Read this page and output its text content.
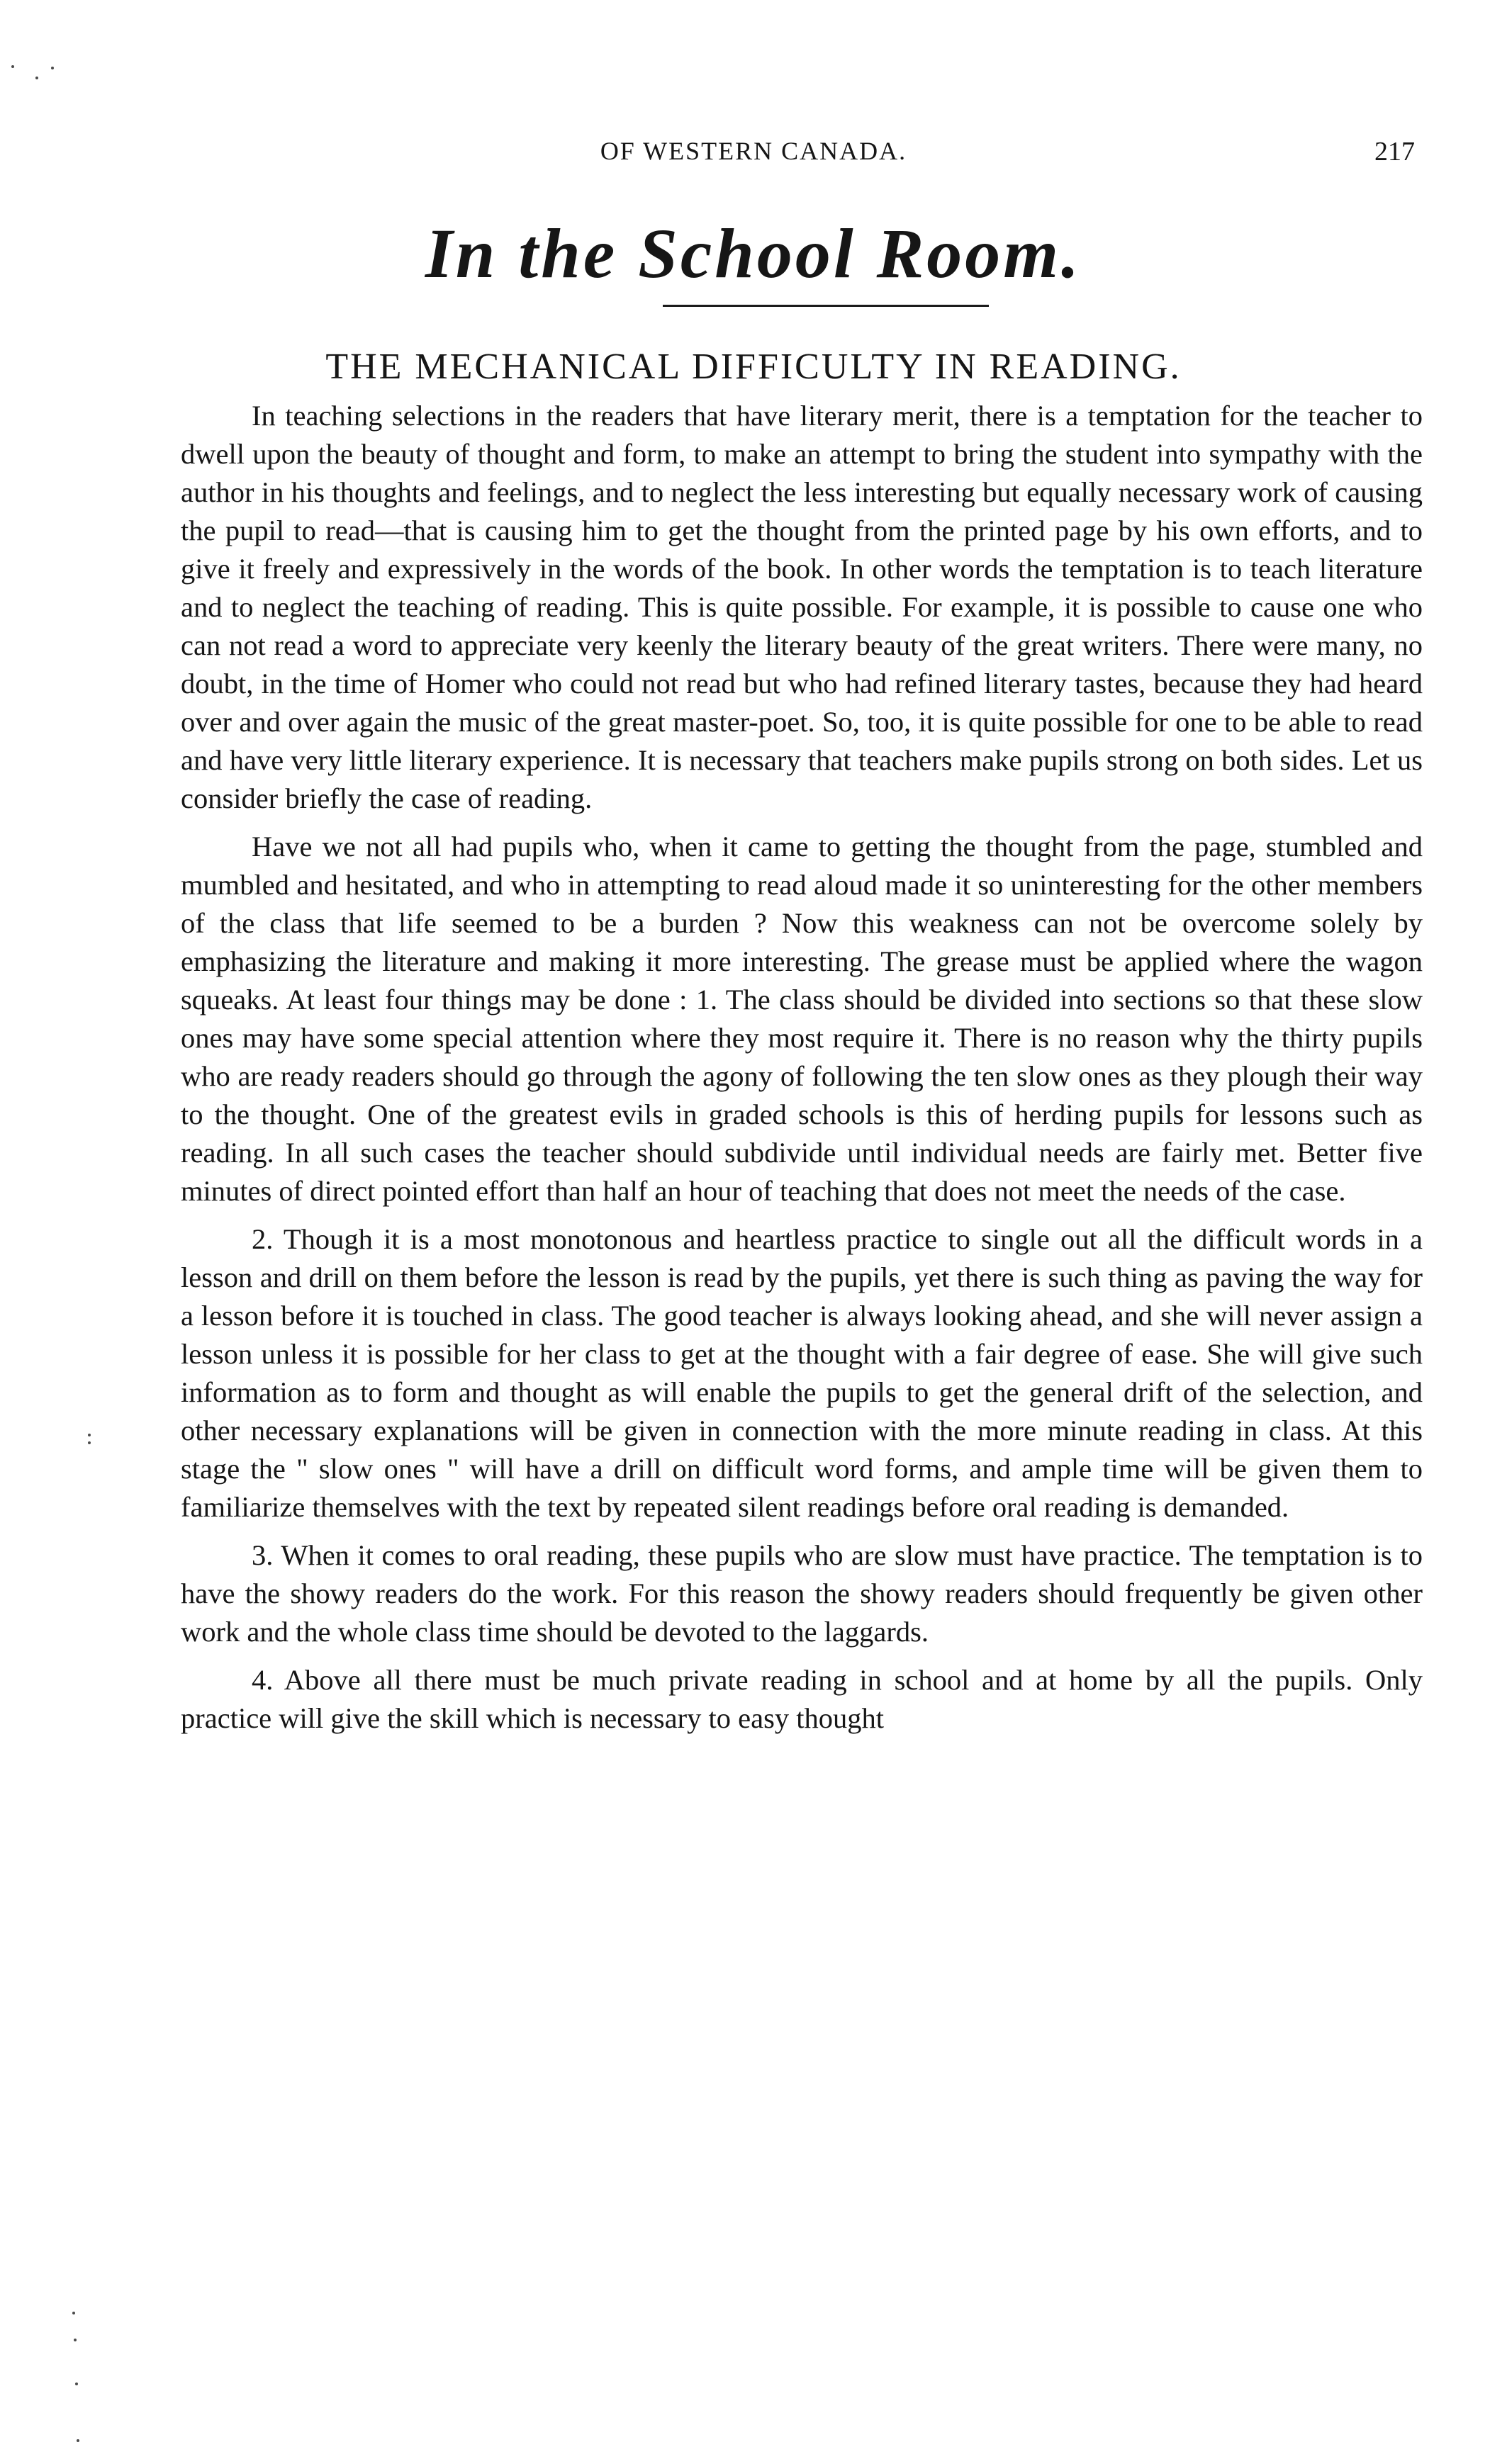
OF WESTERN CANADA.	217
In the School Room.
THE MECHANICAL DIFFICULTY IN READING.

In teaching selections in the readers that have literary merit, there is a temptation for the teacher to dwell upon the beauty of thought and form, to make an attempt to bring the student into sympathy with the author in his thoughts and feelings, and to neglect the less interesting but equally necessary work of causing the pupil to read—that is causing him to get the thought from the printed page by his own efforts, and to give it freely and expressively in the words of the book. In other words the temptation is to teach literature and to neglect the teaching of reading. This is quite possible. For example, it is possible to cause one who can not read a word to appreciate very keenly the literary beauty of the great writers. There were many, no doubt, in the time of Homer who could not read but who had refined literary tastes, because they had heard over and over again the music of the great master-poet. So, too, it is quite possible for one to be able to read and have very little literary experience. It is necessary that teachers make pupils strong on both sides. Let us consider briefly the case of reading.

Have we not all had pupils who, when it came to getting the thought from the page, stumbled and mumbled and hesitated, and who in attempting to read aloud made it so uninteresting for the other members of the class that life seemed to be a burden ? Now this weakness can not be overcome solely by emphasizing the literature and making it more interesting. The grease must be applied where the wagon squeaks. At least four things may be done : 1. The class should be divided into sections so that these slow ones may have some special attention where they most require it. There is no reason why the thirty pupils who are ready readers should go through the agony of following the ten slow ones as they plough their way to the thought. One of the greatest evils in graded schools is this of herding pupils for lessons such as reading. In all such cases the teacher should subdivide until individual needs are fairly met. Better five minutes of direct pointed effort than half an hour of teaching that does not meet the needs of the case.

2. Though it is a most monotonous and heartless practice to single out all the difficult words in a lesson and drill on them before the lesson is read by the pupils, yet there is such thing as paving the way for a lesson before it is touched in class. The good teacher is always looking ahead, and she will never assign a lesson unless it is possible for her class to get at the thought with a fair degree of ease. She will give such information as to form and thought as will enable the pupils to get the general drift of the selection, and other necessary explanations will be given in connection with the more minute reading in class. At this stage the " slow ones " will have a drill on difficult word forms, and ample time will be given them to familiarize themselves with the text by repeated silent readings before oral reading is demanded.

3. When it comes to oral reading, these pupils who are slow must have practice. The temptation is to have the showy readers do the work. For this reason the showy readers should frequently be given other work and the whole class time should be devoted to the laggards.

4. Above all there must be much private reading in school and at home by all the pupils. Only practice will give the skill which is necessary to easy thought
